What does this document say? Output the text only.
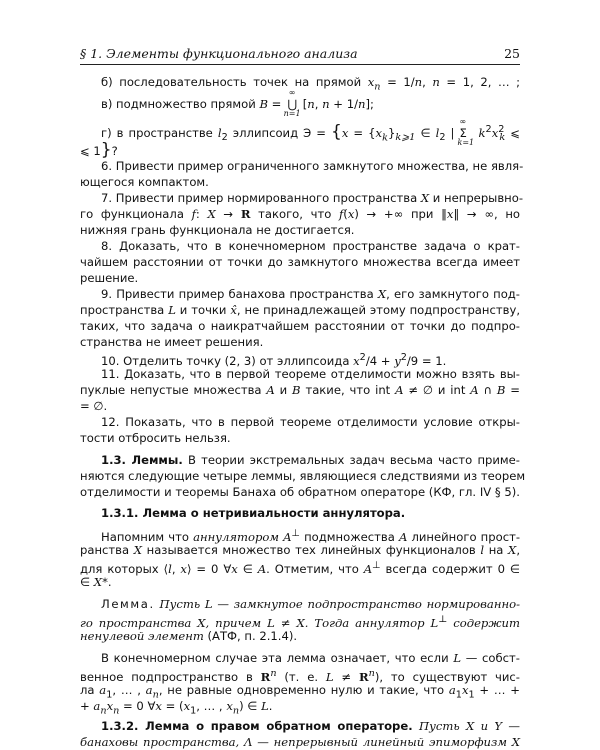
§ 1. Элементы функционального анализа	25
б) последовательность точек на прямой $x_n = 1/n$, n = 1, 2, … ;
в) подмножество прямой B =
∞
⋃
n=1
[n, n + 1/n];
г) в пространстве $l_2$ эллипсоид $Э = \{x = \{x_k\}_{k⩾1}$ ∈ $l_2$ |
∞
Σ
k=1
$k^2x^2_k$ ⩽
⩽ 1}?
6. Привести пример ограниченного замкнутого множества, не явля-
ющегося компактом.
7. Привести пример нормированного пространства X и непрерывно-
го функционала f: X → R такого, что f(x) → +∞ при ‖x‖ → ∞, но
нижняя грань функционала не достигается.
8. Доказать, что в конечномерном пространстве задача о крат-
чайшем расстоянии от точки до замкнутого множества всегда имеет
решение.
9. Привести пример банахова пространства X, его замкнутого под-
пространства L и точки x̂, не принадлежащей этому подпространству,
таких, что задача о наикратчайшем расстоянии от точки до подпро-
странства не имеет решения.
10. Отделить точку (2, 3) от эллипсоида $x^2/4 + y^2/9 = 1$.
11. Доказать, что в первой теореме отделимости можно взять вы-
пуклые непустые множества A и B такие, что int A ≠ ∅ и int A ∩ B =
= ∅.
12. Показать, что в первой теореме отделимости условие откры-
тости отбросить нельзя.
1.3. Леммы. В теории экстремальных задач весьма часто приме-
няются следующие четыре леммы, являющиеся следствиями из теорем
отделимости и теоремы Банаха об обратном операторе (КФ, гл. IV § 5).
1.3.1. Лемма о нетривиальности аннулятора.
Напомним что аннулятором A⊥ подмножества A линейного прост-
ранства X называется множество тех линейных функционалов l на X,
для которых ⟨l, x⟩ = 0 ∀x ∈ A. Отметим, что A⊥ всегда содержит 0 ∈
∈ X*.
Лемма. Пусть L — замкнутое подпространство нормированно-
го пространства X, причем L ≠ X. Тогда аннулятор L⊥ содержит
ненулевой элемент (АТФ, п. 2.1.4).
В конечномерном случае эта лемма означает, что если L — собст-
венное подпространство в $R^n$ (т. е. $L \ne R^n$), то существуют чис-
ла $a_1$, … , $a_n$, не равные одновременно нулю и такие, что $a_1x_1$ + … +
+ $a_nx_n = 0$ ∀x = ($x_1$, … , $x_n$) ∈ L.
1.3.2. Лемма о правом обратном операторе. Пусть X и Y —
банаховы пространства, Λ — непрерывный линейный эпиморфизм X
